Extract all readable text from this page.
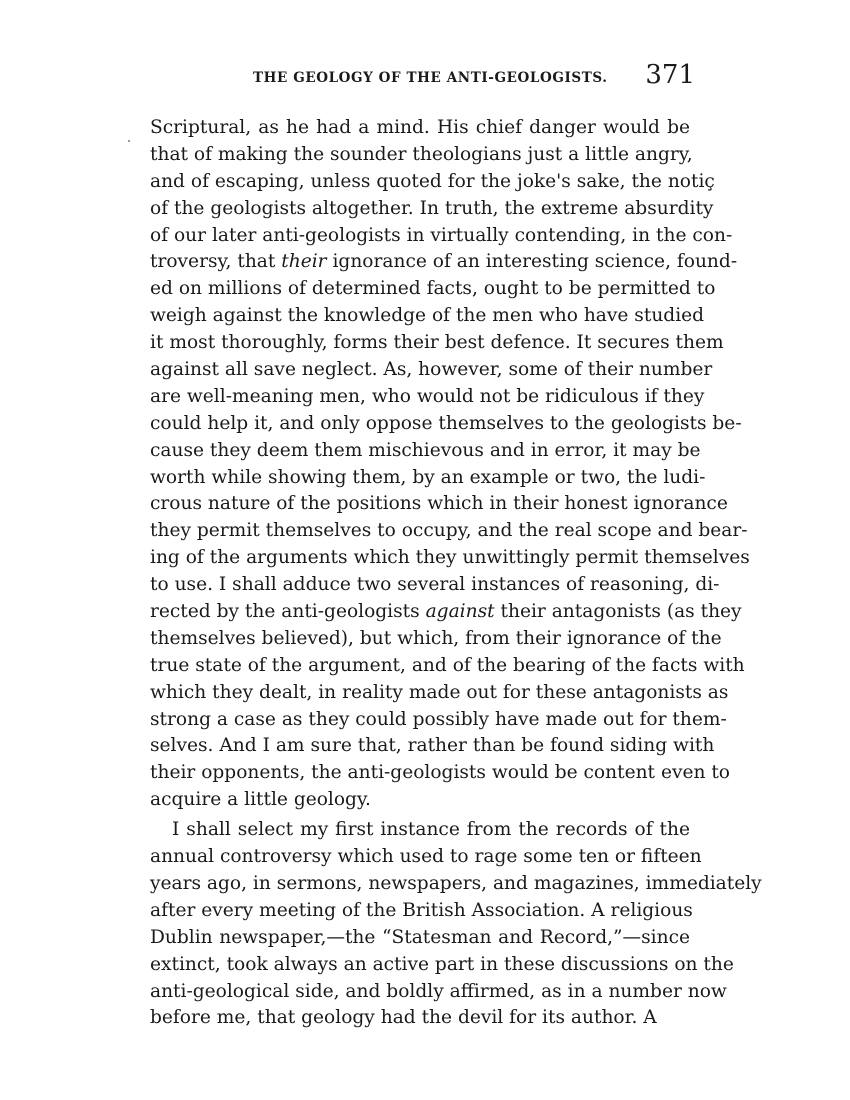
THE GEOLOGY OF THE ANTI-GEOLOGISTS. 371
Scriptural, as he had a mind. His chief danger would be
that of making the sounder theologians just a little angry,
and of escaping, unless quoted for the joke's sake, the notiç
of the geologists altogether. In truth, the extreme absurdity
of our later anti-geologists in virtually contending, in the con-
troversy, that their ignorance of an interesting science, found-
ed on millions of determined facts, ought to be permitted to
weigh against the knowledge of the men who have studied
it most thoroughly, forms their best defence. It secures them
against all save neglect. As, however, some of their number
are well-meaning men, who would not be ridiculous if they
could help it, and only oppose themselves to the geologists be-
cause they deem them mischievous and in error, it may be
worth while showing them, by an example or two, the ludi-
crous nature of the positions which in their honest ignorance
they permit themselves to occupy, and the real scope and bear-
ing of the arguments which they unwittingly permit themselves
to use. I shall adduce two several instances of reasoning, di-
rected by the anti-geologists against their antagonists (as they
themselves believed), but which, from their ignorance of the
true state of the argument, and of the bearing of the facts with
which they dealt, in reality made out for these antagonists as
strong a case as they could possibly have made out for them-
selves. And I am sure that, rather than be found siding with
their opponents, the anti-geologists would be content even to
acquire a little geology.
I shall select my first instance from the records of the
annual controversy which used to rage some ten or fifteen
years ago, in sermons, newspapers, and magazines, immediately
after every meeting of the British Association. A religious
Dublin newspaper,—the “Statesman and Record,”—since
extinct, took always an active part in these discussions on the
anti-geological side, and boldly affirmed, as in a number now
before me, that geology had the devil for its author. A
